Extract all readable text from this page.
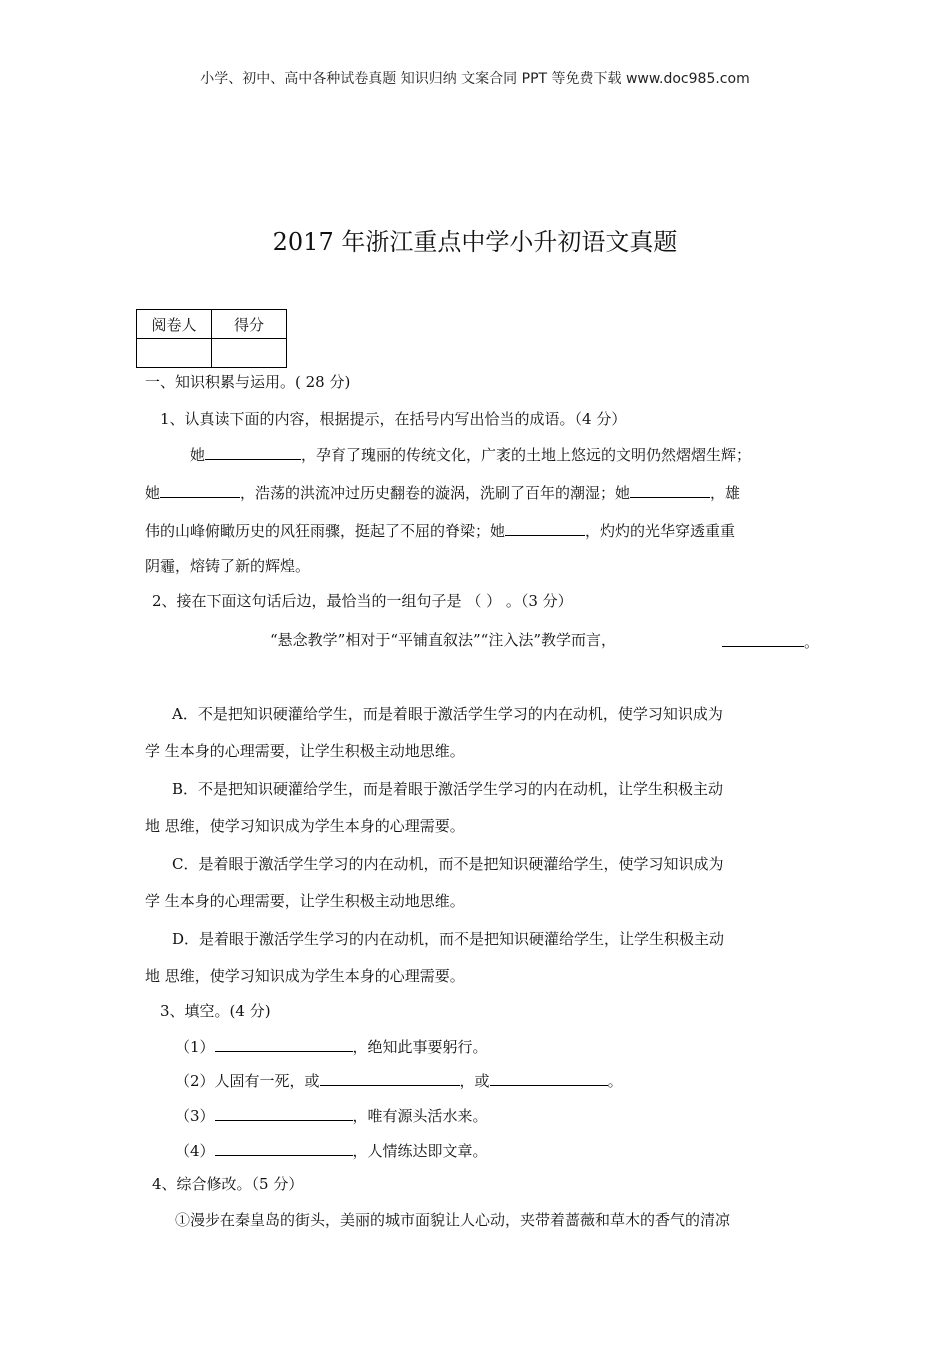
小学、初中、高中各种试卷真题 知识归纳 文案合同 PPT 等免费下载 www.doc985.com
2017 年浙江重点中学小升初语文真题
阅卷人	得分

一、知识积累与运用。( 28 分)
1、认真读下面的内容，根据提示，在括号内写出恰当的成语。（4 分）
她	，孕育了瑰丽的传统文化，广袤的土地上悠远的文明仍然熠熠生辉；
她	，浩荡的洪流冲过历史翻卷的漩涡，洗刷了百年的潮湿；她	，雄
伟的山峰俯瞰历史的风狂雨骤，挺起了不屈的脊梁；她	，灼灼的光华穿透重重
阴霾，熔铸了新的辉煌。
2、接在下面这句话后边，最恰当的一组句子是 （ ） 。（3 分）
“悬念教学”相对于“平铺直叙法”“注入法”教学而言，	。
A．不是把知识硬灌给学生，而是着眼于激活学生学习的内在动机，使学习知识成为
学 生本身的心理需要，让学生积极主动地思维。
B．不是把知识硬灌给学生，而是着眼于激活学生学习的内在动机，让学生积极主动
地 思维，使学习知识成为学生本身的心理需要。
C．是着眼于激活学生学习的内在动机，而不是把知识硬灌给学生，使学习知识成为
学 生本身的心理需要，让学生积极主动地思维。
D．是着眼于激活学生学习的内在动机，而不是把知识硬灌给学生，让学生积极主动
地 思维，使学习知识成为学生本身的心理需要。
3、填空。(4 分)
（1）	，绝知此事要躬行。
（2）人固有一死，或	，或	。
（3）	，唯有源头活水来。
（4）	，人情练达即文章。
4、综合修改。（5 分）
①漫步在秦皇岛的街头，美丽的城市面貌让人心动，夹带着蔷薇和草木的香气的清凉
